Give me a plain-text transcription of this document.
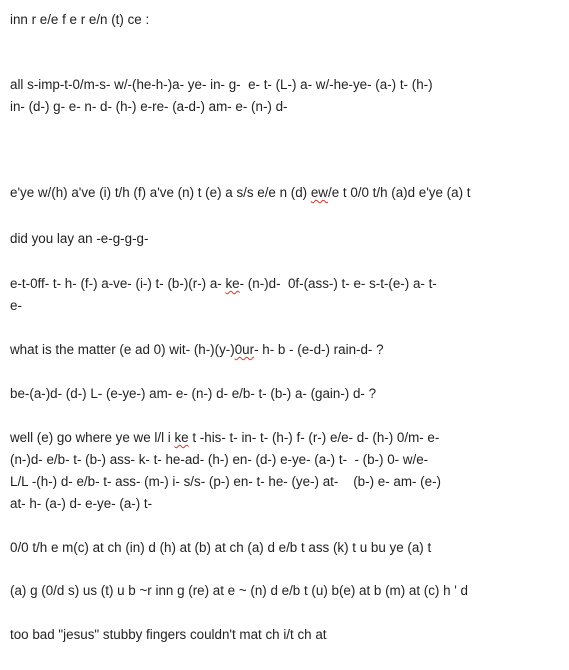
inn r e/e f e r e/n (t) ce :
all s-imp-t-0/m-s- w/-(he-h-)a- ye- in- g-  e- t- (L-) a- w/-he-ye- (a-) t- (h-)
in- (d-) g- e- n- d- (h-) e-re- (a-d-) am- e- (n-) d-
e'ye w/(h) a've (i) t/h (f) a've (n) t (e) a s/s e/e n (d) ew/e t 0/0 t/h (a)d e'ye (a) t
did you lay an -e-g-g-g-
e-t-0ff- t- h- (f-) a-ve- (i-) t- (b-)(r-) a- ke- (n-)d-  0f-(ass-) t- e- s-t-(e-) a- t-
e-
what is the matter (e ad 0) wit- (h-)(y-)0ur- h- b - (e-d-) rain-d- ?
be-(a-)d- (d-) L- (e-ye-) am- e- (n-) d- e/b- t- (b-) a- (gain-) d- ?
well (e) go where ye we l/l i ke t -his- t- in- t- (h-) f- (r-) e/e- d- (h-) 0/m- e-
(n-)d- e/b- t- (b-) ass- k- t- he-ad- (h-) en- (d-) e-ye- (a-) t-  - (b-) 0- w/e-
L/L -(h-) d- e/b- t- ass- (m-) i- s/s- (p-) en- t- he- (ye-) at-    (b-) e- am- (e-)
at- h- (a-) d- e-ye- (a-) t-
0/0 t/h e m(c) at ch (in) d (h) at (b) at ch (a) d e/b t ass (k) t u bu ye (a) t
(a) g (0/d s) us (t) u b ~r inn g (re) at e ~ (n) d e/b t (u) b(e) at b (m) at (c) h ' d
too bad "jesus" stubby fingers couldn't mat ch i/t ch at
